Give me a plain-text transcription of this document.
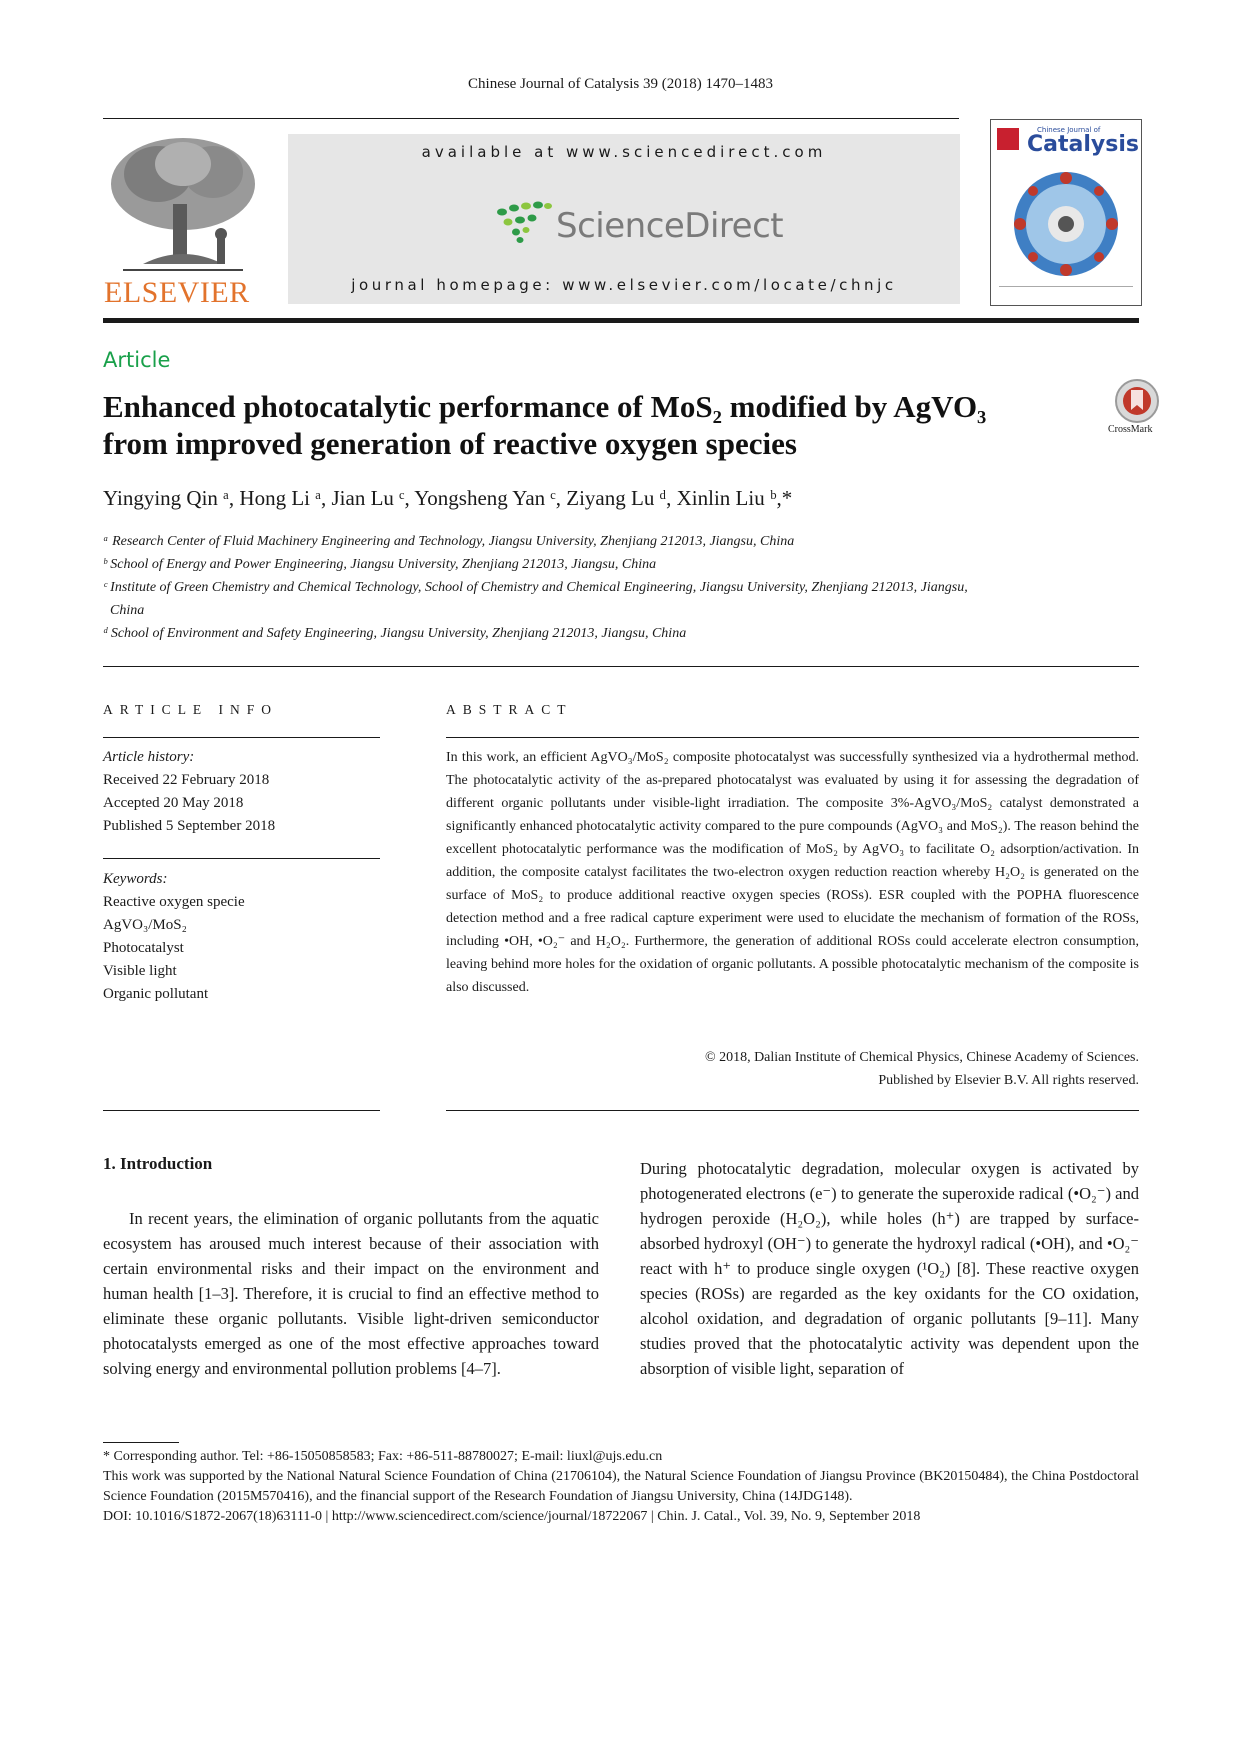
Chinese Journal of Catalysis 39 (2018) 1470–1483
ELSEVIER
available at www.sciencedirect.com
ScienceDirect
journal homepage: www.elsevier.com/locate/chnjc
Chinese Journal of
Catalysis
Article
Enhanced photocatalytic performance of MoS₂ modified by AgVO₃
from improved generation of reactive oxygen species	CrossMark
Yingying Qin ᵃ, Hong Li ᵃ, Jian Lu ᶜ, Yongsheng Yan ᶜ, Ziyang Lu ᵈ, Xinlin Liu ᵇ,*
ᵃ Research Center of Fluid Machinery Engineering and Technology, Jiangsu University, Zhenjiang 212013, Jiangsu, China
ᵇ School of Energy and Power Engineering, Jiangsu University, Zhenjiang 212013, Jiangsu, China
ᶜ Institute of Green Chemistry and Chemical Technology, School of Chemistry and Chemical Engineering, Jiangsu University, Zhenjiang 212013, Jiangsu,
China
ᵈ School of Environment and Safety Engineering, Jiangsu University, Zhenjiang 212013, Jiangsu, China
ARTICLE INFO
Article history:
Received 22 February 2018
Accepted 20 May 2018
Published 5 September 2018
Keywords:
Reactive oxygen specie
AgVO₃/MoS₂
Photocatalyst
Visible light
Organic pollutant
ABSTRACT
In this work, an efficient AgVO₃/MoS₂ composite photocatalyst was successfully synthesized via a hydrothermal method. The photocatalytic activity of the as-prepared photocatalyst was evaluated by using it for assessing the degradation of different organic pollutants under visible-light irradiation. The composite 3%-AgVO₃/MoS₂ catalyst demonstrated a significantly enhanced photocatalytic activity compared to the pure compounds (AgVO₃ and MoS₂). The reason behind the excellent photocatalytic performance was the modification of MoS₂ by AgVO₃ to facilitate O₂ adsorption/activation. In addition, the composite catalyst facilitates the two-electron oxygen reduction reaction whereby H₂O₂ is generated on the surface of MoS₂ to produce additional reactive oxygen species (ROSs). ESR coupled with the POPHA fluorescence detection method and a free radical capture experiment were used to elucidate the mechanism of formation of the ROSs, including •OH, •O₂⁻ and H₂O₂. Furthermore, the generation of additional ROSs could accelerate electron consumption, leaving behind more holes for the oxidation of organic pollutants. A possible photocatalytic mechanism of the composite is also discussed.
© 2018, Dalian Institute of Chemical Physics, Chinese Academy of Sciences.
Published by Elsevier B.V. All rights reserved.
1. Introduction
In recent years, the elimination of organic pollutants from the aquatic ecosystem has aroused much interest because of their association with certain environmental risks and their impact on the environment and human health [1–3]. Therefore, it is crucial to find an effective method to eliminate these organic pollutants. Visible light-driven semiconductor photocatalysts emerged as one of the most effective approaches toward solving energy and environmental pollution problems [4–7].
During photocatalytic degradation, molecular oxygen is activated by photogenerated electrons (e⁻) to generate the superoxide radical (•O₂⁻) and hydrogen peroxide (H₂O₂), while holes (h⁺) are trapped by surface-absorbed hydroxyl (OH⁻) to generate the hydroxyl radical (•OH), and •O₂⁻ react with h⁺ to produce single oxygen (¹O₂) [8]. These reactive oxygen species (ROSs) are regarded as the key oxidants for the CO oxidation, alcohol oxidation, and degradation of organic pollutants [9–11]. Many studies proved that the photocatalytic activity was dependent upon the absorption of visible light, separation of

* Corresponding author. Tel: +86-15050858583; Fax: +86-511-88780027; E-mail: liuxl@ujs.edu.cn

This work was supported by the National Natural Science Foundation of China (21706104), the Natural Science Foundation of Jiangsu Province (BK20150484), the China Postdoctoral Science Foundation (2015M570416), and the financial support of the Research Foundation of Jiangsu University, China (14JDG148).

DOI: 10.1016/S1872-2067(18)63111-0 | http://www.sciencedirect.com/science/journal/18722067 | Chin. J. Catal., Vol. 39, No. 9, September 2018
